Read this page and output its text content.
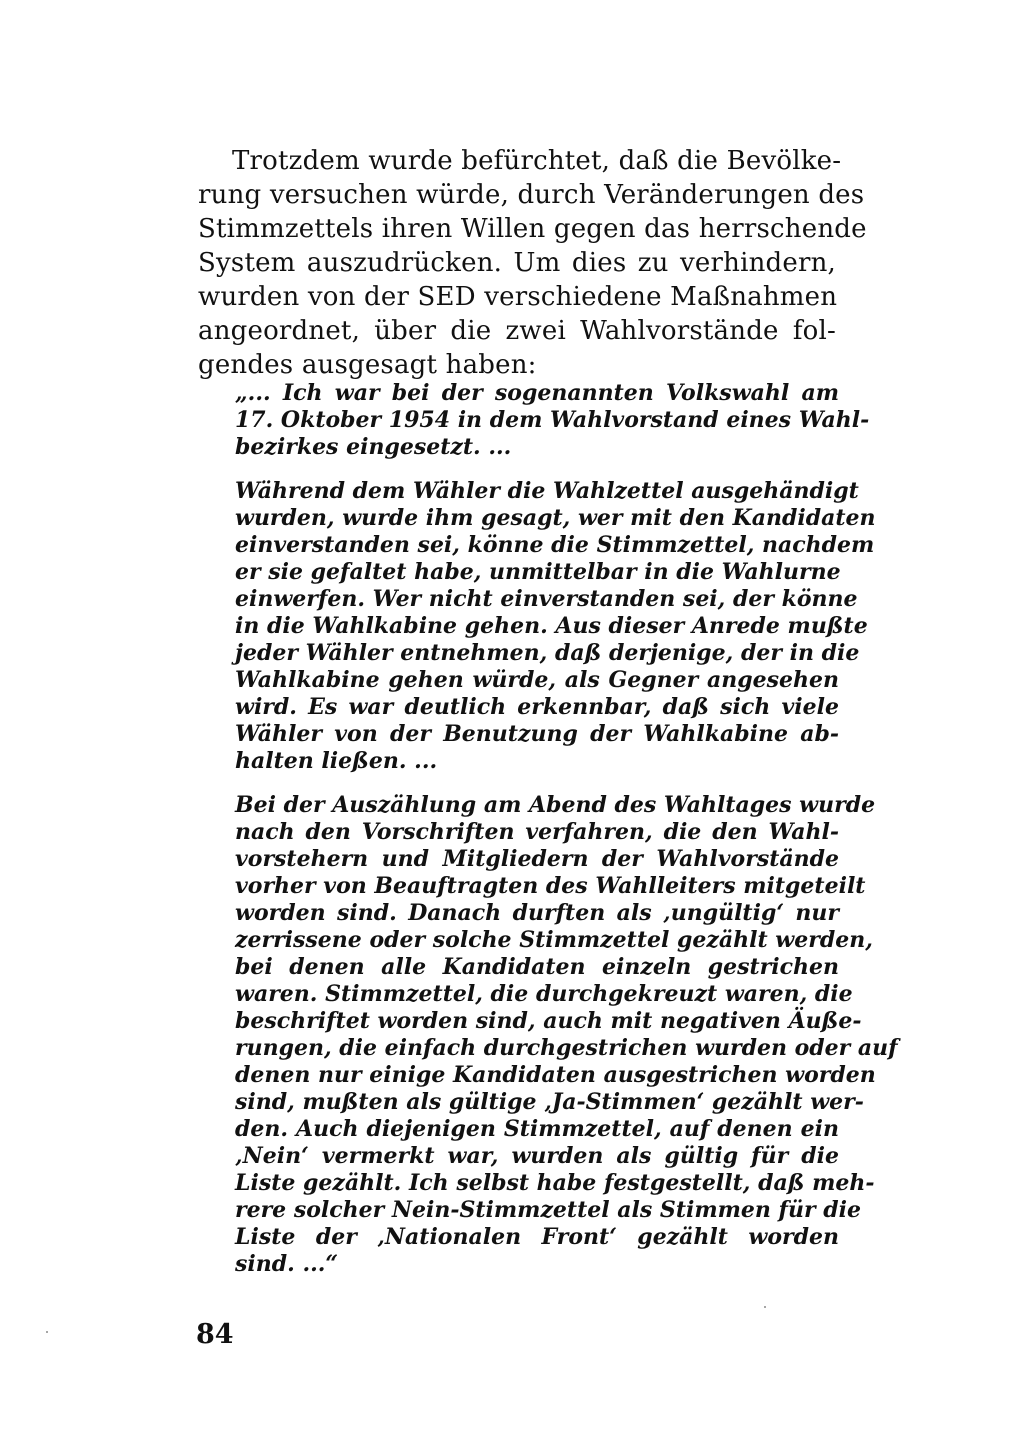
Trotzdem wurde befürchtet, daß die Bevölke-

rung versuchen würde, durch Veränderungen des

Stimmzettels ihren Willen gegen das herrschende

System auszudrücken. Um dies zu verhindern,

wurden von der SED verschiedene Maßnahmen

angeordnet, über die zwei Wahlvorstände fol-

gendes ausgesagt haben:

„... Ich war bei der sogenannten Volkswahl am

17. Oktober 1954 in dem Wahlvorstand eines Wahl-

bezirkes eingesetzt. ...

Während dem Wähler die Wahlzettel ausgehändigt

wurden, wurde ihm gesagt, wer mit den Kandidaten

einverstanden sei, könne die Stimmzettel, nachdem

er sie gefaltet habe, unmittelbar in die Wahlurne

einwerfen. Wer nicht einverstanden sei, der könne

in die Wahlkabine gehen. Aus dieser Anrede mußte

jeder Wähler entnehmen, daß derjenige, der in die

Wahlkabine gehen würde, als Gegner angesehen

wird. Es war deutlich erkennbar, daß sich viele

Wähler von der Benutzung der Wahlkabine ab-

halten ließen. ...

Bei der Auszählung am Abend des Wahltages wurde

nach den Vorschriften verfahren, die den Wahl-

vorstehern und Mitgliedern der Wahlvorstände

vorher von Beauftragten des Wahlleiters mitgeteilt

worden sind. Danach durften als ‚ungültig‘ nur

zerrissene oder solche Stimmzettel gezählt werden,

bei denen alle Kandidaten einzeln gestrichen

waren. Stimmzettel, die durchgekreuzt waren, die

beschriftet worden sind, auch mit negativen Äuße-

rungen, die einfach durchgestrichen wurden oder auf

denen nur einige Kandidaten ausgestrichen worden

sind, mußten als gültige ‚Ja-Stimmen‘ gezählt wer-

den. Auch diejenigen Stimmzettel, auf denen ein

‚Nein‘ vermerkt war, wurden als gültig für die

Liste gezählt. Ich selbst habe festgestellt, daß meh-

rere solcher Nein-Stimmzettel als Stimmen für die

Liste der ‚Nationalen Front‘ gezählt worden

sind. ...“

84
